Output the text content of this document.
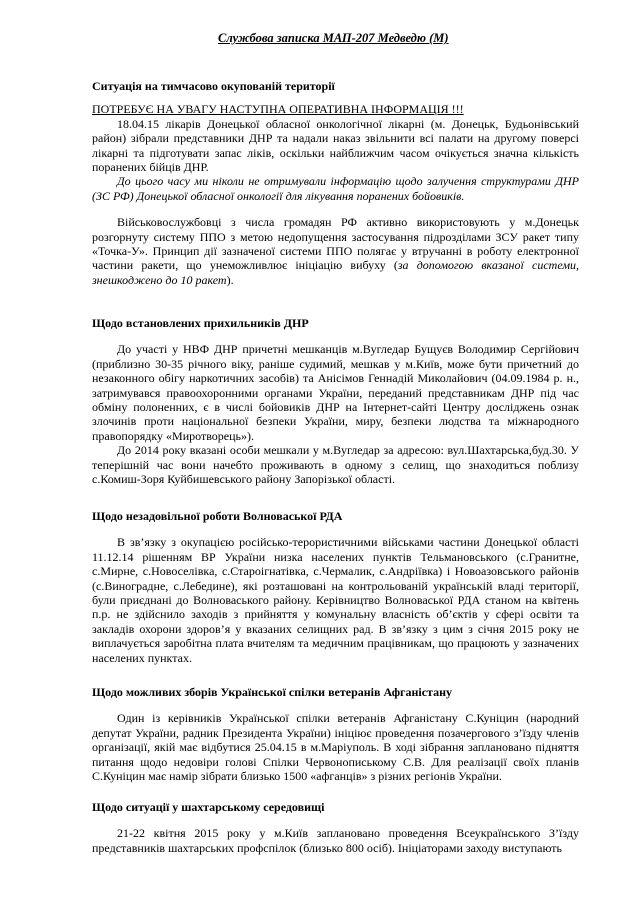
Службова записка МАП-207 Медведю (М)

Ситуація на тимчасово окупованій території

ПОТРЕБУЄ НА УВАГУ НАСТУПНА ОПЕРАТИВНА ІНФОРМАЦІЯ !!!

18.04.15 лікарів Донецької обласної онкологічної лікарні (м. Донецьк, Будьонівський район) зібрали представники ДНР та надали наказ звільнити всі палати на другому поверсі лікарні та підготувати запас ліків, оскільки найближчим часом очікується значна кількість поранених бійців ДНР.

До цього часу ми ніколи не отримували інформацію щодо залучення структурами ДНР (ЗС РФ) Донецької обласної онкології для лікування поранених бойовиків.

Військовослужбовці з числа громадян РФ активно використовують у м.Донецьк розгорнуту систему ППО з метою недопущення застосування підрозділами ЗСУ ракет типу «Точка-У». Принцип дії зазначеної системи ППО полягає у втручанні в роботу електронної частини ракети, що унеможливлює ініціацію вибуху (за допомогою вказаної системи, знешкоджено до 10 ракет).

Щодо встановлених прихильників ДНР

До участі у НВФ ДНР причетні мешканців м.Вугледар Бущуєв Володимир Сергійович (приблизно 30-35 річного віку, раніше судимий, мешкав у м.Київ, може бути причетний до незаконного обігу наркотичних засобів) та Анісімов Геннадій Миколайович (04.09.1984 р. н., затримувався правоохоронними органами України, переданий представникам ДНР під час обміну полоненних, є в числі бойовиків ДНР на Інтернет-сайті Центру досліджень ознак злочинів проти національної безпеки України, миру, безпеки людства та міжнародного правопорядку «Миротворець»).

До 2014 року вказані особи мешкали у м.Вугледар за адресою: вул.Шахтарська,буд.30. У теперішній час вони начебто проживають в одному з селищ, що знаходиться поблизу с.Комиш-Зоря Куйбишевського району Запорізької області.

Щодо незадовільної роботи Волноваської РДА

В зв’язку з окупацією російсько-терористичними військами частини Донецької області 11.12.14 рішенням ВР України низка населених пунктів Тельмановського (с.Гранитне, с.Мирне, с.Новоселівка, с.Староігнатівка, с.Чермалик, с.Андріївка) і Новоазовського районів (с.Виноградне, с.Лебедине), які розташовані на контрольованій українській владі території, були приєднані до Волноваського району. Керівництво Волноваської РДА станом на квітень п.р. не здійснило заходів з прийняття у комунальну власність об’єктів у сфері освіти та закладів охорони здоров’я у вказаних селищних рад. В зв’язку з цим з січня 2015 року не виплачується заробітна плата вчителям та медичним працівникам, що працюють у зазначених населених пунктах.

Щодо можливих зборів Української спілки ветеранів Афганістану

Один із керівників Української спілки ветеранів Афганістану С.Куніцин (народний депутат України, радник Президента України) ініціює проведення позачергового з’їзду членів організації, якій має відбутися 25.04.15 в м.Маріуполь. В ході зібрання заплановано підняття питання щодо недовіри голові Спілки Червонопиському С.В. Для реалізації своїх планів С.Куніцин має намір зібрати близько 1500 «афганців» з різних регіонів України.

Щодо ситуації у шахтарському середовищі

21-22 квітня 2015 року у м.Київ заплановано проведення Всеукраїнського З’їзду представників шахтарських профспілок (близько 800 осіб). Ініціаторами заходу виступають
